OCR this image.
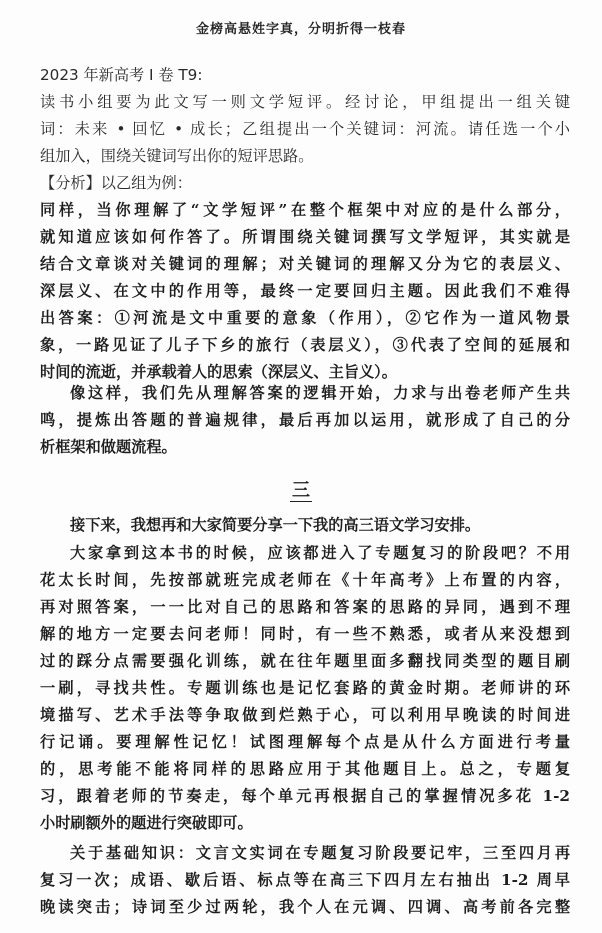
金榜高悬姓字真，分明折得一枝春
2023 年新高考 I 卷 T9:
读书小组要为此文写一则文学短评。经讨论，甲组提出一组关键
词：未来 • 回忆 • 成长；乙组提出一个关键词：河流。请任选一个小
组加入，围绕关键词写出你的短评思路。
【分析】以乙组为例：
同样，当你理解了“文学短评”在整个框架中对应的是什么部分，
就知道应该如何作答了。所谓围绕关键词撰写文学短评，其实就是
结合文章谈对关键词的理解；对关键词的理解又分为它的表层义、
深层义、在文中的作用等，最终一定要回归主题。因此我们不难得
出答案：①河流是文中重要的意象（作用），②它作为一道风物景
象，一路见证了儿子下乡的旅行（表层义），③代表了空间的延展和
时间的流逝，并承载着人的思索（深层义、主旨义）。
像这样，我们先从理解答案的逻辑开始，力求与出卷老师产生共
鸣，提炼出答题的普遍规律，最后再加以运用，就形成了自己的分
析框架和做题流程。
三
接下来，我想再和大家简要分享一下我的高三语文学习安排。
大家拿到这本书的时候，应该都进入了专题复习的阶段吧？不用
花太长时间，先按部就班完成老师在《十年高考》上布置的内容，
再对照答案，一一比对自己的思路和答案的思路的异同，遇到不理
解的地方一定要去问老师！同时，有一些不熟悉，或者从来没想到
过的踩分点需要强化训练，就在往年题里面多翻找同类型的题目刷
一刷，寻找共性。专题训练也是记忆套路的黄金时期。老师讲的环
境描写、艺术手法等争取做到烂熟于心，可以利用早晚读的时间进
行记诵。要理解性记忆！试图理解每个点是从什么方面进行考量
的，思考能不能将同样的思路应用于其他题目上。总之，专题复
习，跟着老师的节奏走，每个单元再根据自己的掌握情况多花 1-2
小时刷额外的题进行突破即可。
关于基础知识：文言文实词在专题复习阶段要记牢，三至四月再
复习一次；成语、歇后语、标点等在高三下四月左右抽出 1-2 周早
晚读突击；诗词至少过两轮，我个人在元调、四调、高考前各完整
